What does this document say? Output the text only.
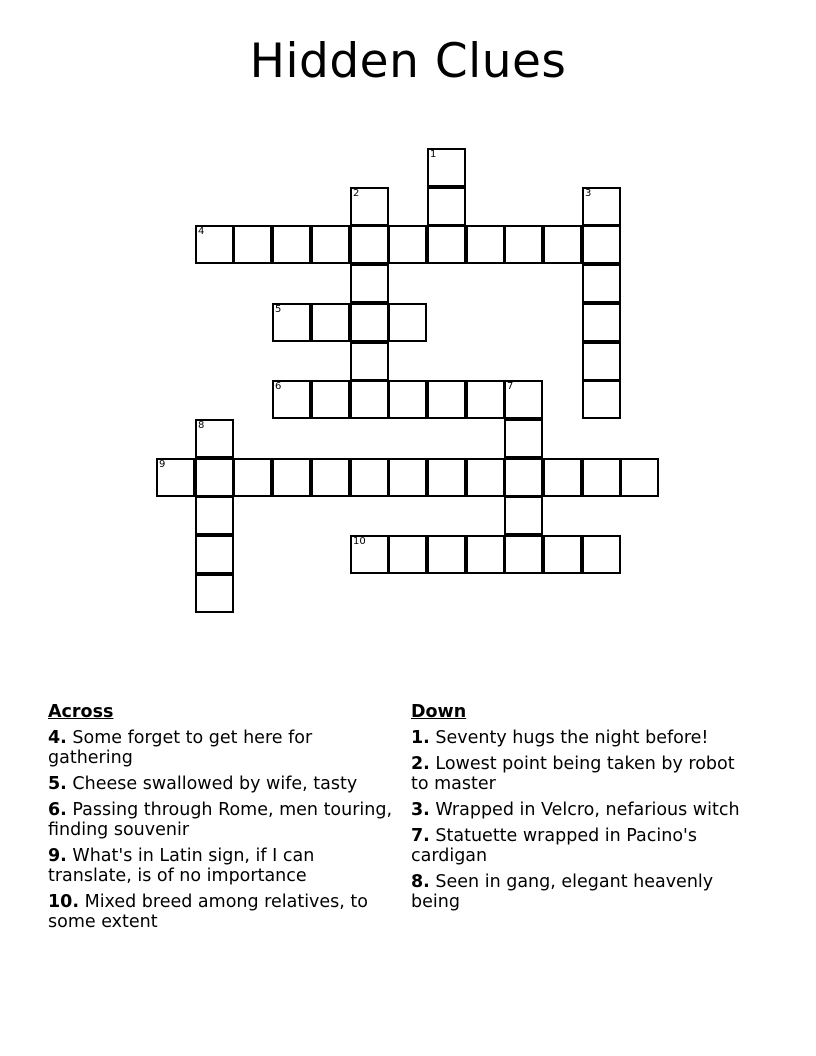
Hidden Clues
1
2	3
4
5
6	7
8
9
10
Across
4. Some forget to get here for gathering
5. Cheese swallowed by wife, tasty
6. Passing through Rome, men touring, finding souvenir
9. What's in Latin sign, if I can translate, is of no importance
10. Mixed breed among relatives, to some extent
Down
1. Seventy hugs the night before!
2. Lowest point being taken by robot to master
3. Wrapped in Velcro, nefarious witch
7. Statuette wrapped in Pacino's cardigan
8. Seen in gang, elegant heavenly being
